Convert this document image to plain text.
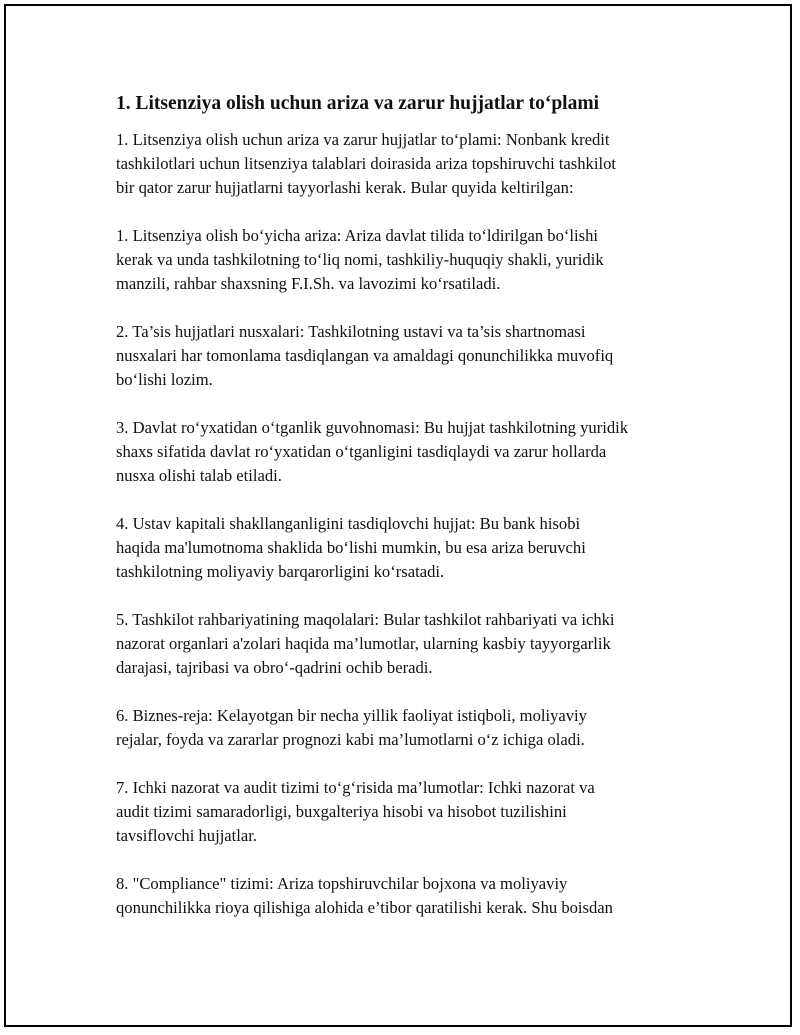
1. Litsenziya olish uchun ariza va zarur hujjatlar to‘plami
1. Litsenziya olish uchun ariza va zarur hujjatlar to‘plami: Nonbank kredit
tashkilotlari uchun litsenziya talablari doirasida ariza topshiruvchi tashkilot
bir qator zarur hujjatlarni tayyorlashi kerak. Bular quyida keltirilgan:
1. Litsenziya olish bo‘yicha ariza: Ariza davlat tilida to‘ldirilgan bo‘lishi
kerak va unda tashkilotning to‘liq nomi, tashkiliy-huquqiy shakli, yuridik
manzili, rahbar shaxsning F.I.Sh. va lavozimi ko‘rsatiladi.
2. Ta’sis hujjatlari nusxalari: Tashkilotning ustavi va ta’sis shartnomasi
nusxalari har tomonlama tasdiqlangan va amaldagi qonunchilikka muvofiq
bo‘lishi lozim.
3. Davlat ro‘yxatidan o‘tganlik guvohnomasi: Bu hujjat tashkilotning yuridik
shaxs sifatida davlat ro‘yxatidan o‘tganligini tasdiqlaydi va zarur hollarda
nusxa olishi talab etiladi.
4. Ustav kapitali shakllanganligini tasdiqlovchi hujjat: Bu bank hisobi
haqida ma'lumotnoma shaklida bo‘lishi mumkin, bu esa ariza beruvchi
tashkilotning moliyaviy barqarorligini ko‘rsatadi.
5. Tashkilot rahbariyatining maqolalari: Bular tashkilot rahbariyati va ichki
nazorat organlari a'zolari haqida ma’lumotlar, ularning kasbiy tayyorgarlik
darajasi, tajribasi va obro‘-qadrini ochib beradi.
6. Biznes-reja: Kelayotgan bir necha yillik faoliyat istiqboli, moliyaviy
rejalar, foyda va zararlar prognozi kabi ma’lumotlarni o‘z ichiga oladi.
7. Ichki nazorat va audit tizimi to‘g‘risida ma’lumotlar: Ichki nazorat va
audit tizimi samaradorligi, buxgalteriya hisobi va hisobot tuzilishini
tavsiflovchi hujjatlar.
8. "Compliance" tizimi: Ariza topshiruvchilar bojxona va moliyaviy
qonunchilikka rioya qilishiga alohida e’tibor qaratilishi kerak. Shu boisdan
